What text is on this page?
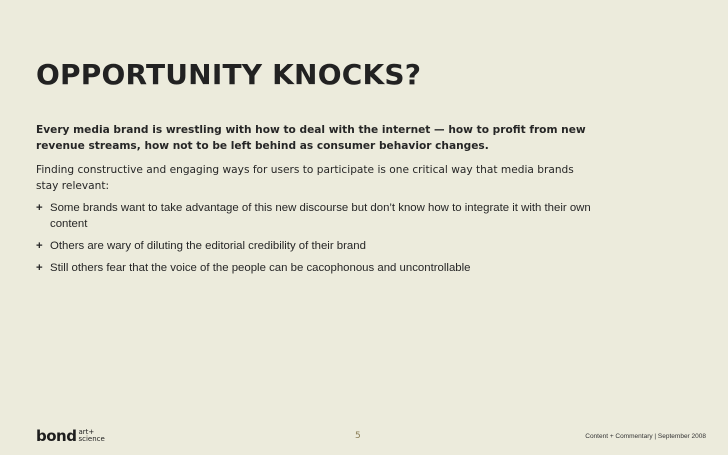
OPPORTUNITY KNOCKS?

Every media brand is wrestling with how to deal with the internet — how to profit from new revenue streams, how not to be left behind as consumer behavior changes.

Finding constructive and engaging ways for users to participate is one critical way that media brands stay relevant:

+ Some brands want to take advantage of this new discourse but don’t know how to integrate it with their own content
+ Others are wary of diluting the editorial credibility of their brand
+ Still others fear that the voice of the people can be cacophonous and uncontrollable
bond art+
science	5	Content + Commentary | September 2008
